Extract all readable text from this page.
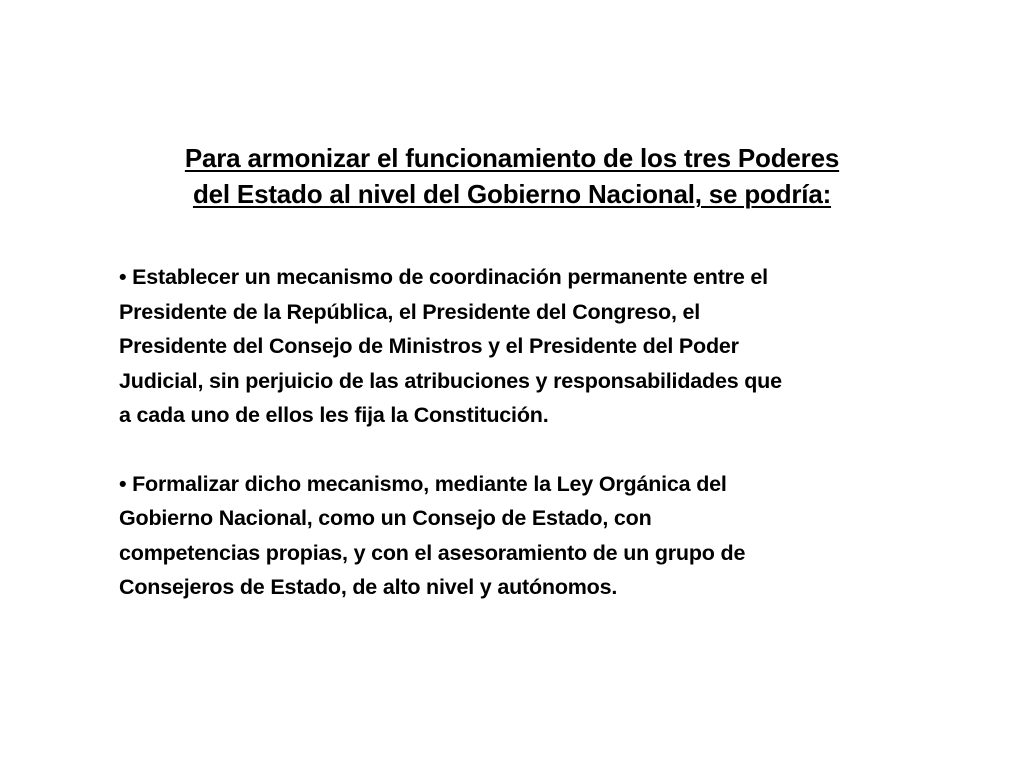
Para armonizar el funcionamiento de los tres Poderes
del Estado al nivel del Gobierno Nacional, se podría:
• Establecer un mecanismo de coordinación permanente entre el
Presidente de la República, el Presidente del Congreso, el
Presidente del Consejo de Ministros y el Presidente del Poder
Judicial, sin perjuicio de las atribuciones y responsabilidades que
a cada uno de ellos les fija la Constitución.
• Formalizar dicho mecanismo, mediante la Ley Orgánica del
Gobierno Nacional, como un Consejo de Estado, con
competencias propias, y con el asesoramiento de un grupo de
Consejeros de Estado, de alto nivel y autónomos.
